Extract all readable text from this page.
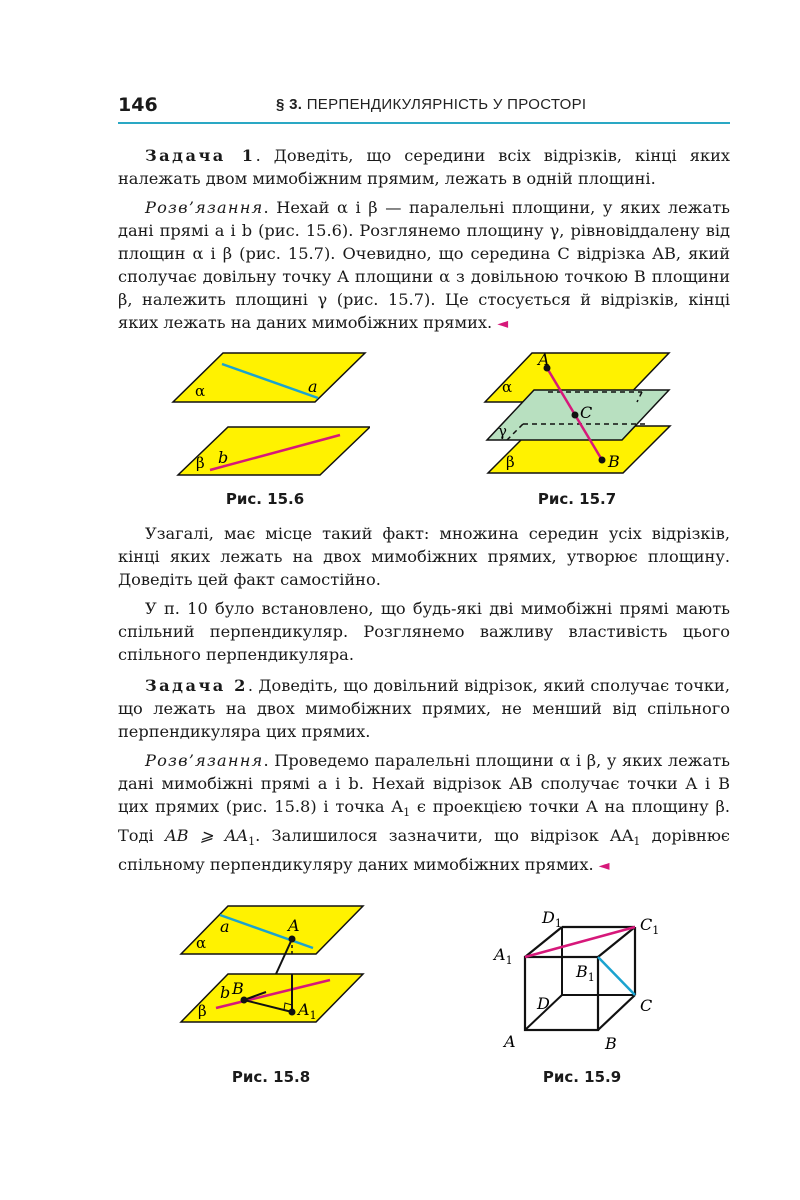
146	§ 3. ПЕРПЕНДИКУЛЯРНІСТЬ У ПРОСТОРІ

Задача 1. Доведіть, що середини всіх відрізків, кінці яких належать двом мимобіжним прямим, лежать в одній площині.

Розв’язання. Нехай α і β — паралельні площини, у яких лежать дані прямі a і b (рис. 15.6). Розглянемо площину γ, рівновіддалену від площин α і β (рис. 15.7). Очевидно, що середина C відрізка AB, який сполучає довільну точку A площини α з довільною точкою B площини β, належить площині γ (рис. 15.7). Це стосується й відрізків, кінці яких лежать на даних мимобіжних прямих. ◄

α	a
β b
Рис. 15.6
A
α
C
γ
β	B
Рис. 15.7

Узагалі, має місце такий факт: множина середин усіх відрізків, кінці яких лежать на двох мимобіжних прямих, утворює площину. Доведіть цей факт самостійно.

У п. 10 було встановлено, що будь-які дві мимобіжні прямі мають спільний перпендикуляр. Розглянемо важливу властивість цього спільного перпендикуляра.

Задача 2. Доведіть, що довільний відрізок, який сполучає точки, що лежать на двох мимобіжних прямих, не менший від спільного перпендикуляра цих прямих.

Розв’язання. Проведемо паралельні площини α і β, у яких лежать дані мимобіжні прямі a і b. Нехай відрізок AB сполучає точки A і B цих прямих (рис. 15.8) і точка $A_1$ є проекцією точки A на площину β. Тоді AB ⩾ $AA_1$. Залишилося зазначити, що відрізок $AA_1$ дорівнює спільному перпендикуляру даних мимобіжних прямих. ◄

a	A
α
b B
β	$A_1$
Рис. 15.8
$D_1$	$C_1$
$A_1$
$B_1$
D	C
A	B
Рис. 15.9
